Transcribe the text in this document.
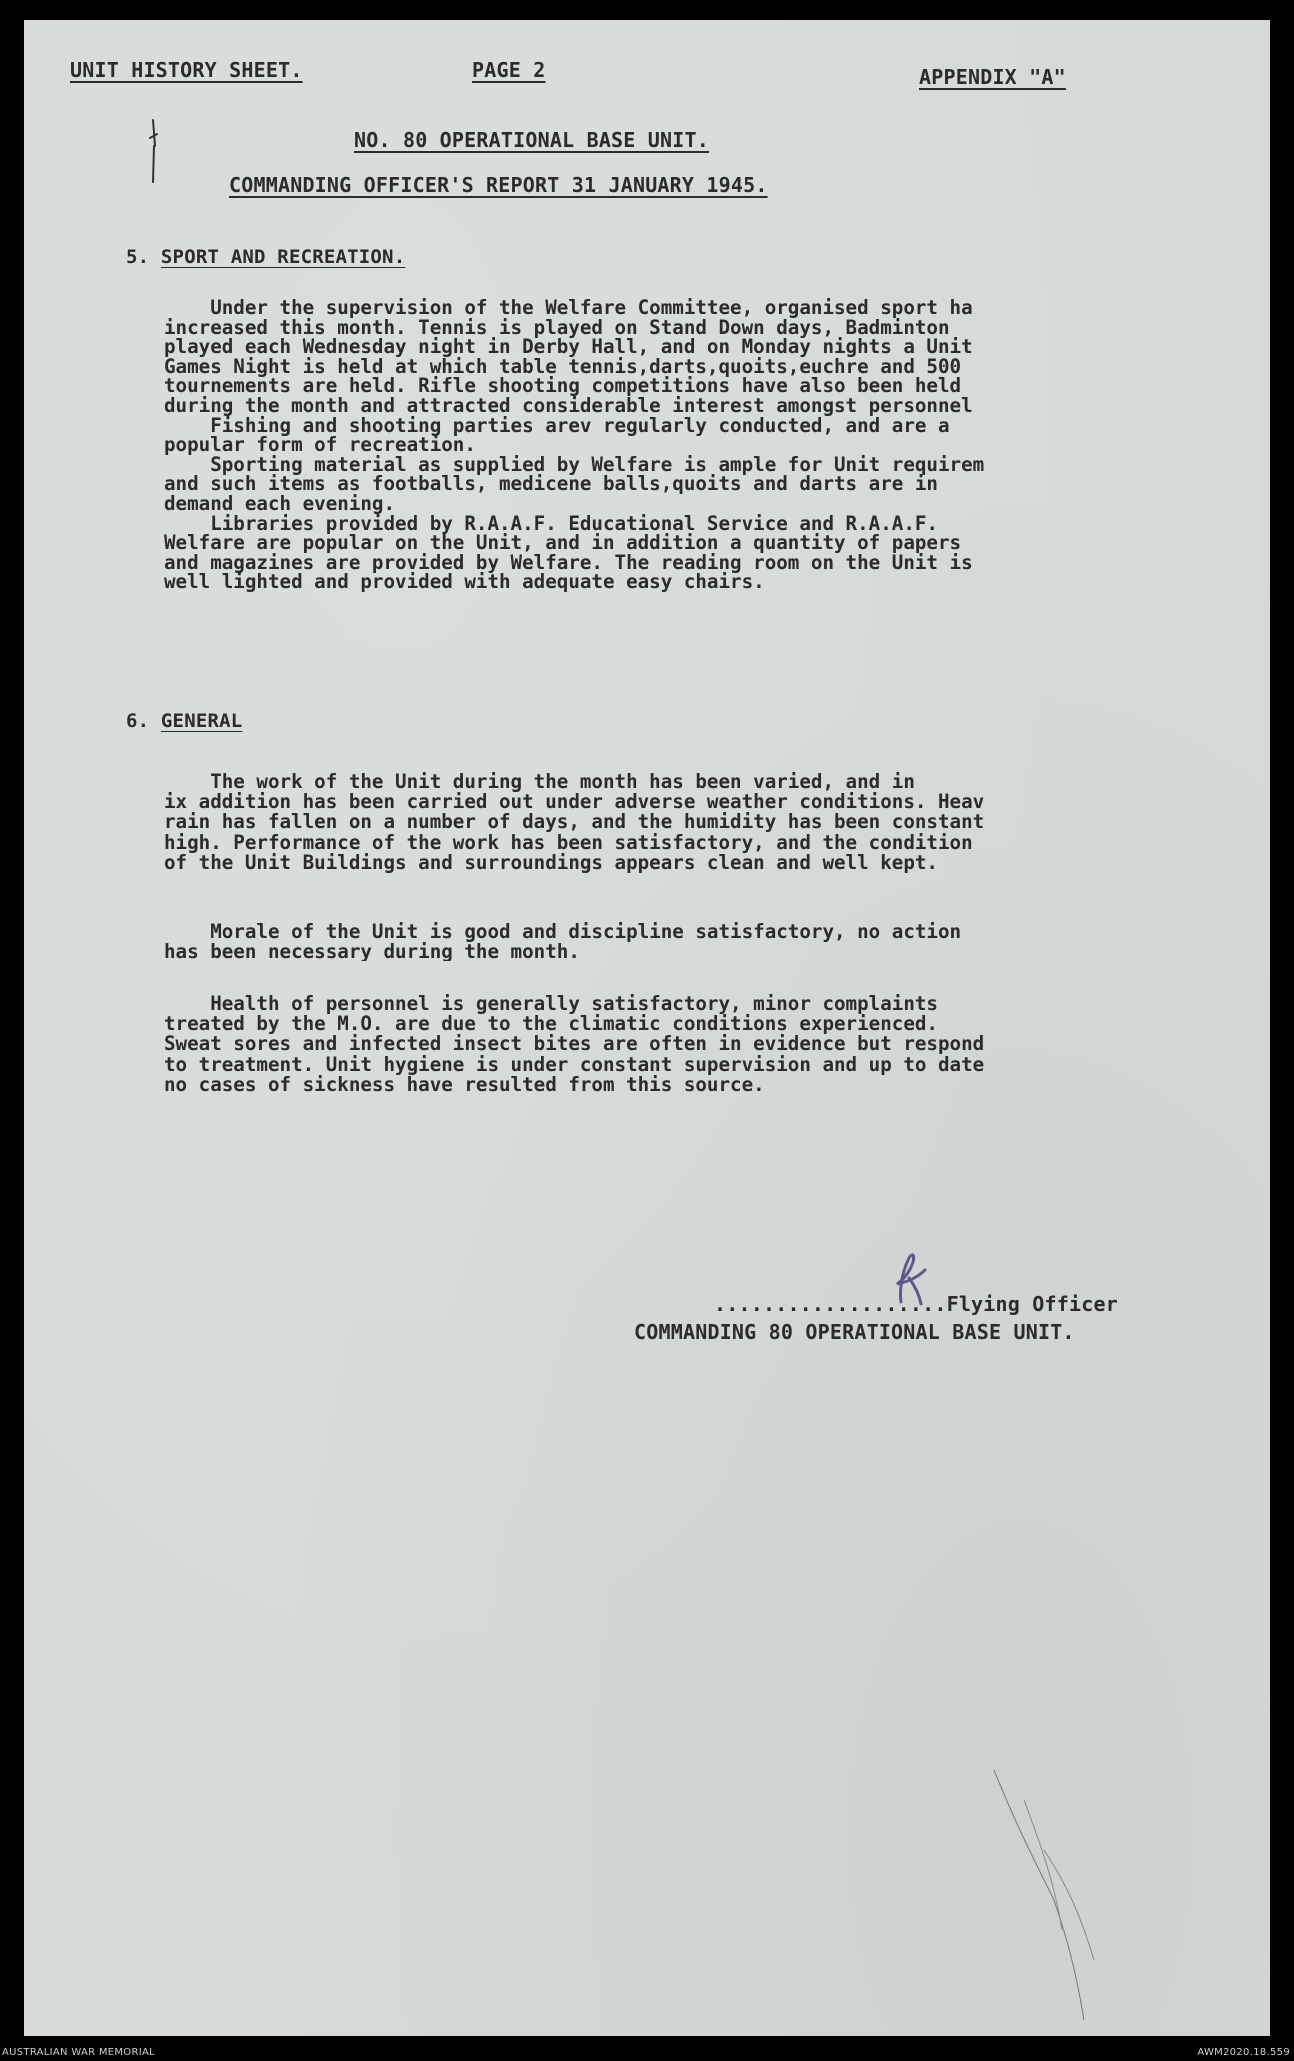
UNIT HISTORY SHEET.	PAGE 2	APPENDIX "A"
NO. 80 OPERATIONAL BASE UNIT.
COMMANDING OFFICER'S REPORT 31 JANUARY 1945.
5. SPORT AND RECREATION.
Under the supervision of the Welfare Committee, organised sport ha
increased this month. Tennis is played on Stand Down days, Badminton
played each Wednesday night in Derby Hall, and on Monday nights a Unit
Games Night is held at which table tennis,darts,quoits,euchre and 500
tournements are held. Rifle shooting competitions have also been held
during the month and attracted considerable interest amongst personnel
Fishing and shooting parties arev regularly conducted, and are a
popular form of recreation.
Sporting material as supplied by Welfare is ample for Unit requirem
and such items as footballs, medicene balls,quoits and darts are in
demand each evening.
Libraries provided by R.A.A.F. Educational Service and R.A.A.F.
Welfare are popular on the Unit, and in addition a quantity of papers
and magazines are provided by Welfare. The reading room on the Unit is
well lighted and provided with adequate easy chairs.
6. GENERAL
The work of the Unit during the month has been varied, and in
ix addition has been carried out under adverse weather conditions. Heav
rain has fallen on a number of days, and the humidity has been constant
high. Performance of the work has been satisfactory, and the condition
of the Unit Buildings and surroundings appears clean and well kept.
Morale of the Unit is good and discipline satisfactory, no action
has been necessary during the month.
Health of personnel is generally satisfactory, minor complaints
treated by the M.O. are due to the climatic conditions experienced.
Sweat sores and infected insect bites are often in evidence but respond
to treatment. Unit hygiene is under constant supervision and up to date
no cases of sickness have resulted from this source.
...................Flying Officer
COMMANDING 80 OPERATIONAL BASE UNIT.
AUSTRALIAN WAR MEMORIAL	AWM2020.18.559
